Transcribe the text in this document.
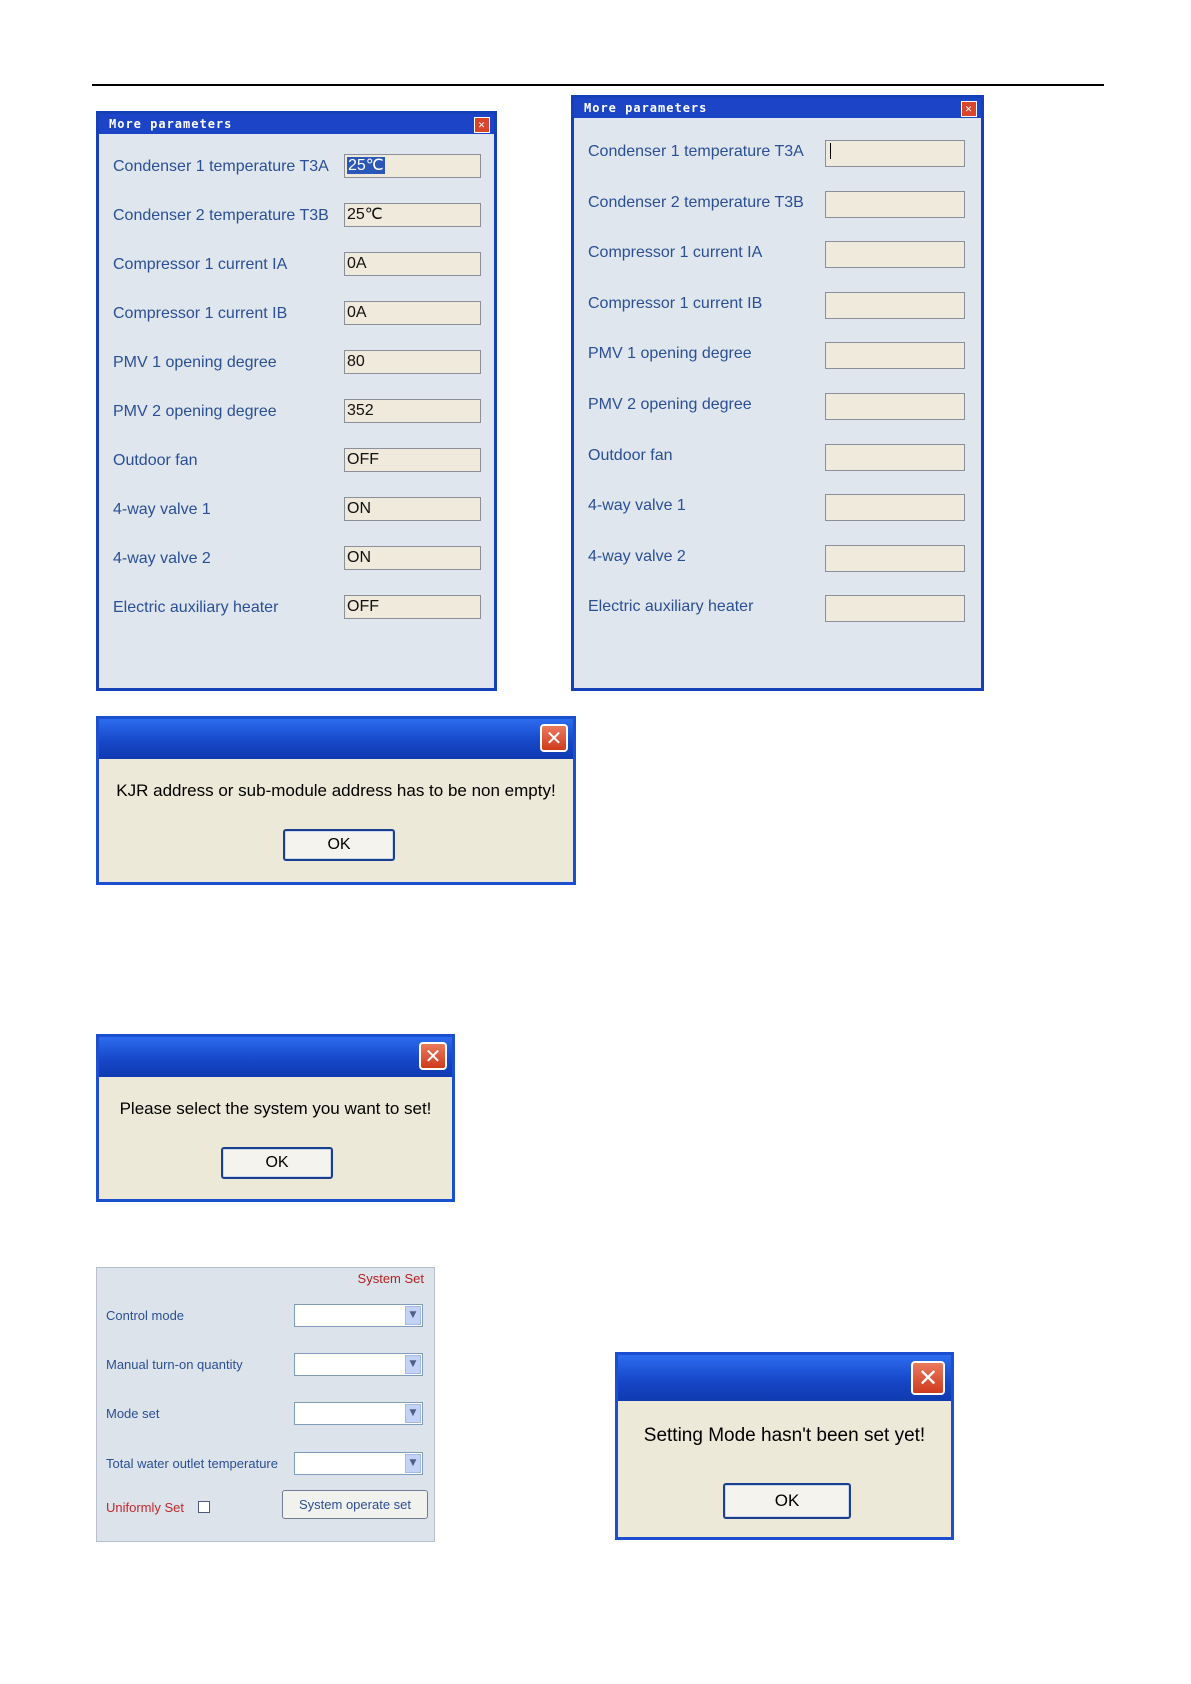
More parameters	✕
Condenser 1 temperature T3A 25℃
Condenser 2 temperature T3B 25℃
Compressor 1 current IA	0A
Compressor 1 current IB	0A
PMV 1 opening degree	80
PMV 2 opening degree	352
Outdoor fan	OFF
4-way valve 1	ON
4-way valve 2	ON
Electric auxiliary heater	OFF
More parameters	✕
Condenser 1 temperature T3A
Condenser 2 temperature T3B
Compressor 1 current IA
Compressor 1 current IB
PMV 1 opening degree
PMV 2 opening degree
Outdoor fan
4-way valve 1
4-way valve 2
Electric auxiliary heater
✕
KJR address or sub-module address has to be non empty!
OK
✕
Please select the system you want to set!
OK
System Set
Control mode	▼
Manual turn-on quantity	▼
Mode set	▼
Total water outlet temperature	▼
Uniformly Set	System operate set
✕
Setting Mode hasn't been set yet!
OK
